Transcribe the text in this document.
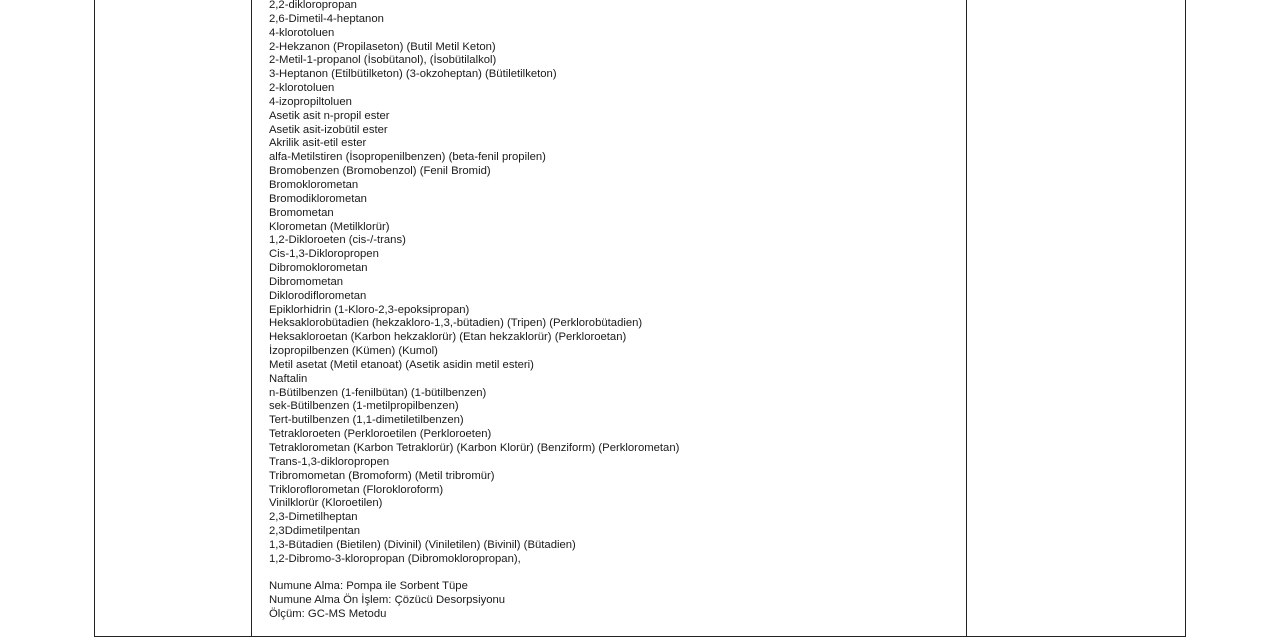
2,2-dikloropropan
2,6-Dimetil-4-heptanon
4-klorotoluen
2-Hekzanon (Propilaseton) (Butil Metil Keton)
2-Metil-1-propanol (İsobütanol), (İsobütilalkol)
3-Heptanon (Etilbütilketon) (3-okzoheptan) (Bütiletilketon)
2-klorotoluen
4-izopropiltoluen
Asetik asit n-propil ester
Asetik asit-izobütil ester
Akrilik asit-etil ester
alfa-Metilstiren (İsopropenilbenzen) (beta-fenil propilen)
Bromobenzen (Bromobenzol) (Fenil Bromid)
Bromoklorometan
Bromodiklorometan
Bromometan
Klorometan (Metilklorür)
1,2-Dikloroeten (cis-/-trans)
Cis-1,3-Dikloropropen
Dibromoklorometan
Dibromometan
Diklorodiflorometan
Epiklorhidrin (1-Kloro-2,3-epoksipropan)
Heksaklorobütadien (hekzakloro-1,3,-bütadien) (Tripen) (Perklorobütadien)
Heksakloroetan (Karbon hekzaklorür) (Etan hekzaklorür) (Perkloroetan)
İzopropilbenzen (Kümen) (Kumol)
Metil asetat (Metil etanoat) (Asetik asidin metil esteri)
Naftalin
n-Bütilbenzen (1-fenilbütan) (1-bütilbenzen)
sek-Bütilbenzen (1-metilpropilbenzen)
Tert-butilbenzen (1,1-dimetiletilbenzen)
Tetrakloroeten (Perkloroetilen (Perkloroeten)
Tetraklorometan (Karbon Tetraklorür) (Karbon Klorür) (Benziform) (Perklorometan)
Trans-1,3-dikloropropen
Tribromometan (Bromoform) (Metil tribromür)
Trikloroflorometan (Florokloroform)
Vinilklorür (Kloroetilen)
2,3-Dimetilheptan
2,3Ddimetilpentan
1,3-Bütadien (Bietilen) (Divinil) (Viniletilen) (Bivinil) (Bütadien)
1,2-Dibromo-3-kloropropan (Dibromokloropropan),
Numune Alma: Pompa ile Sorbent Tüpe
Numune Alma Ön İşlem: Çözücü Desorpsiyonu
Ölçüm: GC-MS Metodu
